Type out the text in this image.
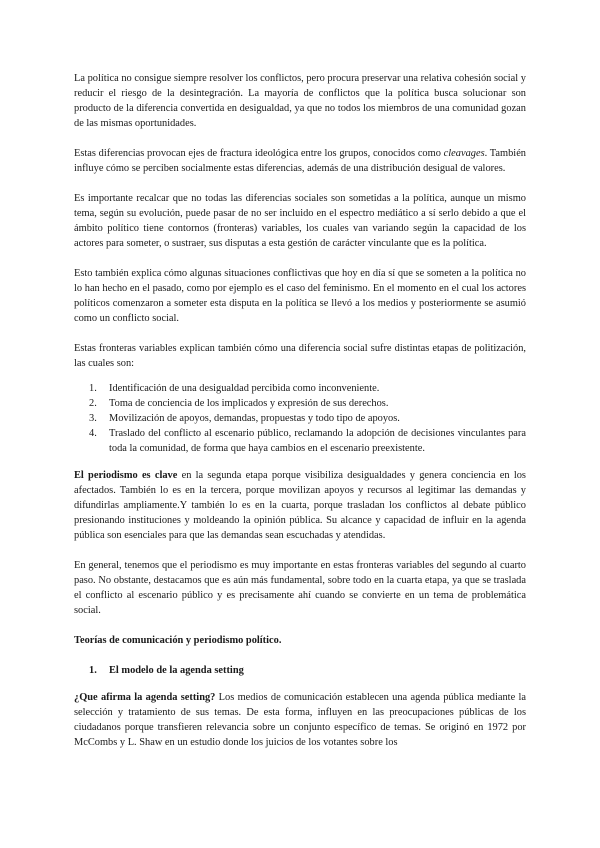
La política no consigue siempre resolver los conflictos, pero procura preservar una relativa cohesión social y reducir el riesgo de la desintegración. La mayoría de conflictos que la política busca solucionar son producto de la diferencia convertida en desigualdad, ya que no todos los miembros de una comunidad gozan de las mismas oportunidades.

Estas diferencias provocan ejes de fractura ideológica entre los grupos, conocidos como cleavages. También influye cómo se perciben socialmente estas diferencias, además de una distribución desigual de valores.

Es importante recalcar que no todas las diferencias sociales son sometidas a la política, aunque un mismo tema, según su evolución, puede pasar de no ser incluido en el espectro mediático a sí serlo debido a que el ámbito político tiene contornos (fronteras) variables, los cuales van variando según la capacidad de los actores para someter, o sustraer, sus disputas a esta gestión de carácter vinculante que es la política.

Esto también explica cómo algunas situaciones conflictivas que hoy en día sí que se someten a la política no lo han hecho en el pasado, como por ejemplo es el caso del feminismo. En el momento en el cual los actores políticos comenzaron a someter esta disputa en la política se llevó a los medios y posteriormente se asumió como un conflicto social.

Estas fronteras variables explican también cómo una diferencia social sufre distintas etapas de politización, las cuales son:

1. Identificación de una desigualdad percibida como inconveniente.
2. Toma de conciencia de los implicados y expresión de sus derechos.
3. Movilización de apoyos, demandas, propuestas y todo tipo de apoyos.
4. Traslado del conflicto al escenario público, reclamando la adopción de decisiones vinculantes para toda la comunidad, de forma que haya cambios en el escenario preexistente.

El periodismo es clave en la segunda etapa porque visibiliza desigualdades y genera conciencia en los afectados. También lo es en la tercera, porque movilizan apoyos y recursos al legitimar las demandas y difundirlas ampliamente.Y también lo es en la cuarta, porque trasladan los conflictos al debate público presionando instituciones y moldeando la opinión pública. Su alcance y capacidad de influir en la agenda pública son esenciales para que las demandas sean escuchadas y atendidas.

En general, tenemos que el periodismo es muy importante en estas fronteras variables del segundo al cuarto paso. No obstante, destacamos que es aún más fundamental, sobre todo en la cuarta etapa, ya que se traslada el conflicto al escenario público y es precisamente ahí cuando se convierte en un tema de problemática social.

Teorías de comunicación y periodismo político.

1. El modelo de la agenda setting

¿Que afirma la agenda setting? Los medios de comunicación establecen una agenda pública mediante la selección y tratamiento de sus temas. De esta forma, influyen en las preocupaciones públicas de los ciudadanos porque transfieren relevancia sobre un conjunto específico de temas. Se originó en 1972 por McCombs y L. Shaw en un estudio donde los juicios de los votantes sobre los
